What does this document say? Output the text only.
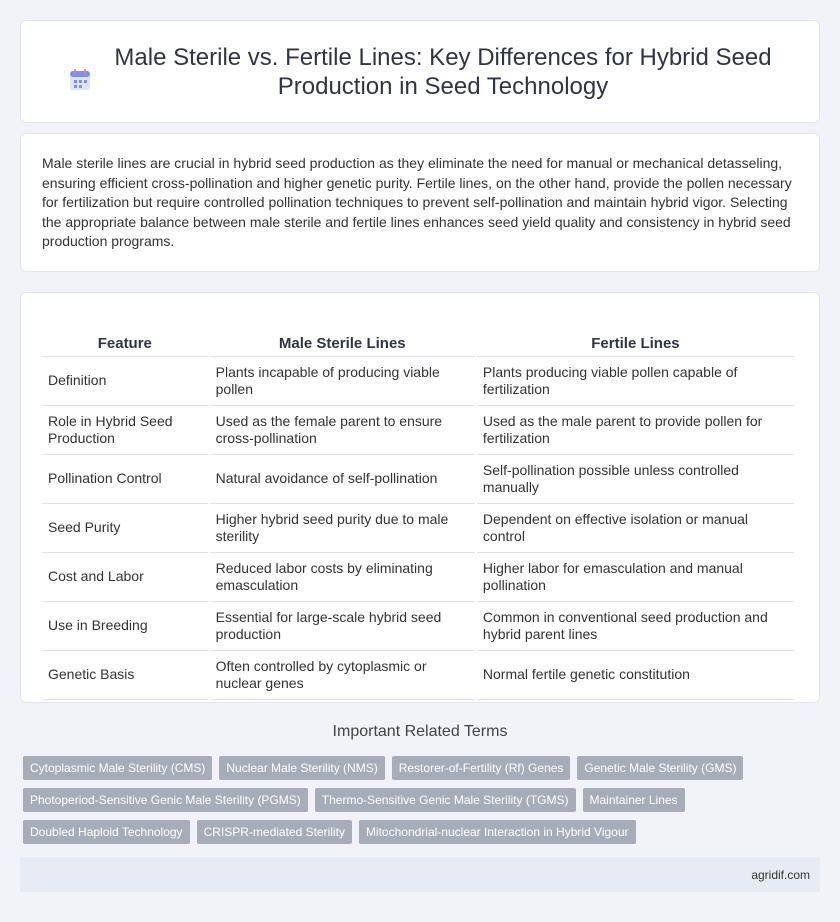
Male Sterile vs. Fertile Lines: Key Differences for Hybrid Seed Production in Seed Technology

Male sterile lines are crucial in hybrid seed production as they eliminate the need for manual or mechanical detasseling, ensuring efficient cross-pollination and higher genetic purity. Fertile lines, on the other hand, provide the pollen necessary for fertilization but require controlled pollination techniques to prevent self-pollination and maintain hybrid vigor. Selecting the appropriate balance between male sterile and fertile lines enhances seed yield quality and consistency in hybrid seed production programs.

Feature	Male Sterile Lines	Fertile Lines
Definition	Plants incapable of producing viable pollen	Plants producing viable pollen capable of fertilization
Role in Hybrid Seed Production	Used as the female parent to ensure cross-pollination	Used as the male parent to provide pollen for fertilization
Pollination Control	Natural avoidance of self-pollination	Self-pollination possible unless controlled manually
Seed Purity	Higher hybrid seed purity due to male sterility	Dependent on effective isolation or manual control
Cost and Labor	Reduced labor costs by eliminating emasculation	Higher labor for emasculation and manual pollination
Use in Breeding	Essential for large-scale hybrid seed production	Common in conventional seed production and hybrid parent lines
Genetic Basis	Often controlled by cytoplasmic or nuclear genes	Normal fertile genetic constitution
Important Related Terms
Cytoplasmic Male Sterility (CMS)	Nuclear Male Sterility (NMS)	Restorer-of-Fertility (Rf) Genes	Genetic Male Sterility (GMS)
Photoperiod-Sensitive Genic Male Sterility (PGMS)	Thermo-Sensitive Genic Male Sterility (TGMS)	Maintainer Lines
Doubled Haploid Technology	CRISPR-mediated Sterility	Mitochondrial-nuclear Interaction in Hybrid Vigour
agridif.com
